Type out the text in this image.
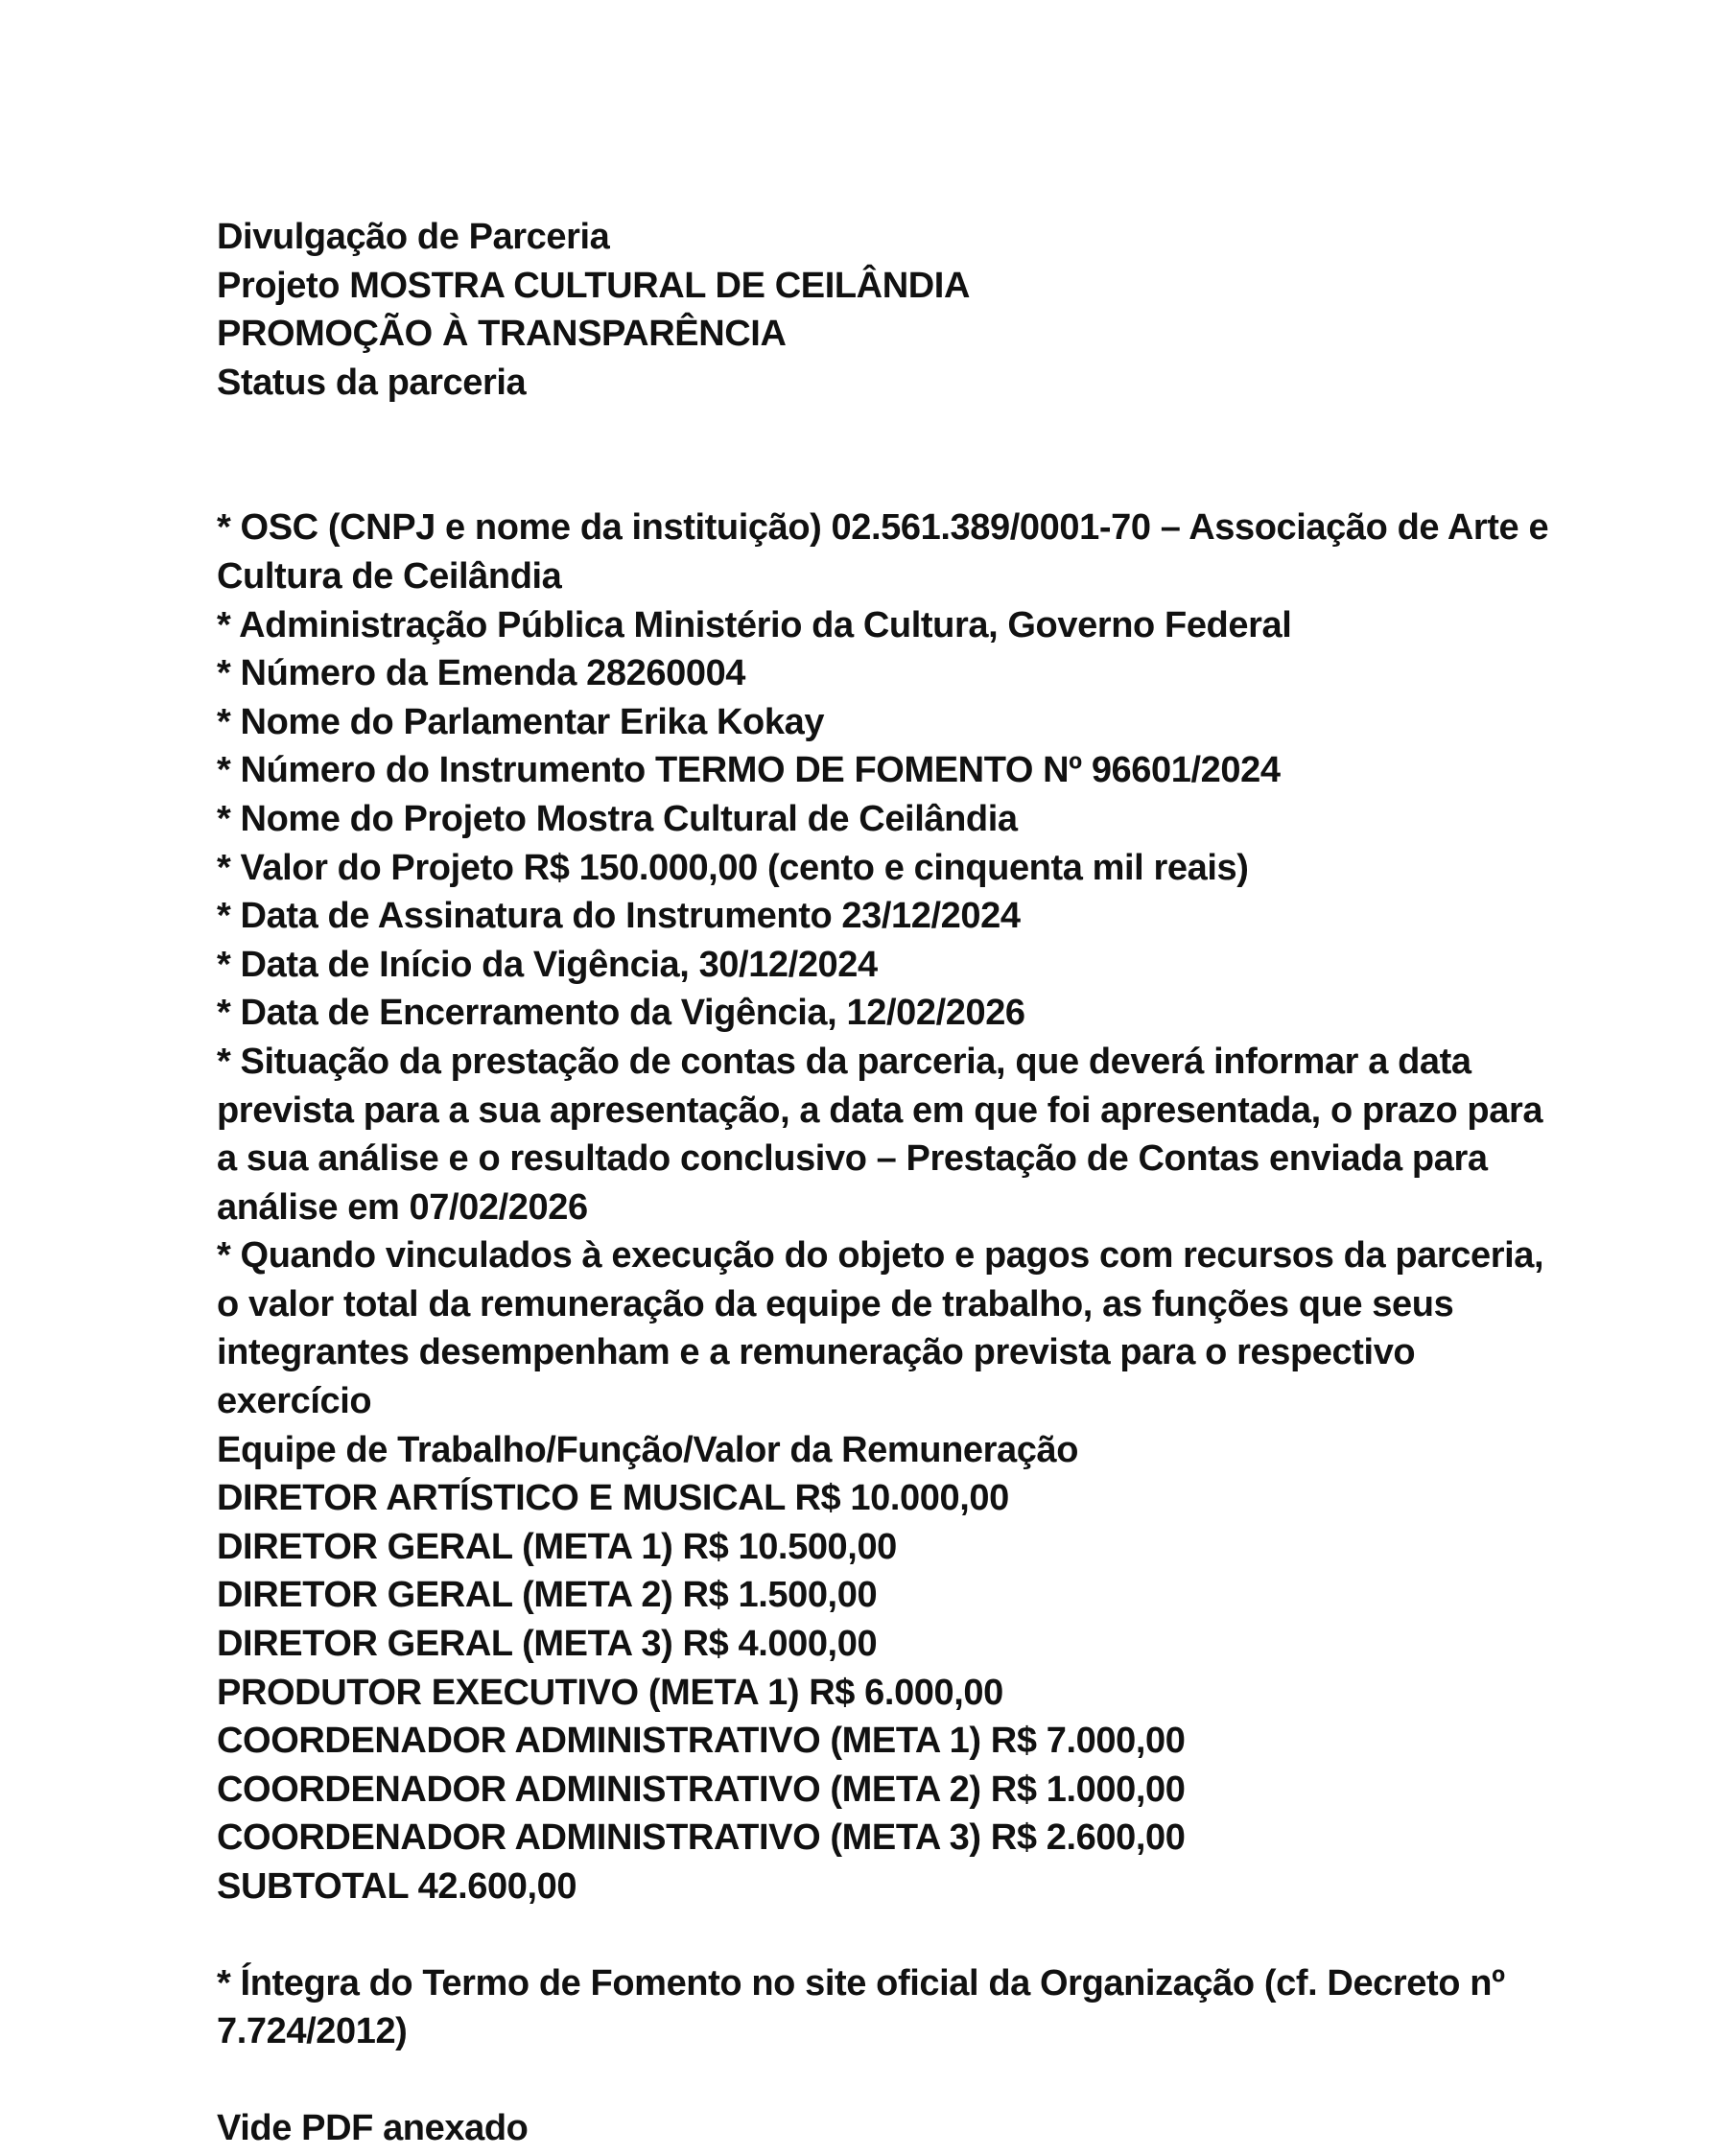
Divulgação de Parceria
Projeto MOSTRA CULTURAL DE CEILÂNDIA
PROMOÇÃO À TRANSPARÊNCIA
Status da parceria
* OSC (CNPJ e nome da instituição) 02.561.389/0001-70 – Associação de Arte e
Cultura de Ceilândia
* Administração Pública Ministério da Cultura, Governo Federal
* Número da Emenda 28260004
* Nome do Parlamentar Erika Kokay
* Número do Instrumento TERMO DE FOMENTO Nº 96601/2024
* Nome do Projeto Mostra Cultural de Ceilândia
* Valor do Projeto R$ 150.000,00 (cento e cinquenta mil reais)
* Data de Assinatura do Instrumento 23/12/2024
* Data de Início da Vigência, 30/12/2024
* Data de Encerramento da Vigência, 12/02/2026
* Situação da prestação de contas da parceria, que deverá informar a data
prevista para a sua apresentação, a data em que foi apresentada, o prazo para
a sua análise e o resultado conclusivo – Prestação de Contas enviada para
análise em 07/02/2026
* Quando vinculados à execução do objeto e pagos com recursos da parceria,
o valor total da remuneração da equipe de trabalho, as funções que seus
integrantes desempenham e a remuneração prevista para o respectivo
exercício
Equipe de Trabalho/Função/Valor da Remuneração
DIRETOR ARTÍSTICO E MUSICAL R$ 10.000,00
DIRETOR GERAL (META 1) R$ 10.500,00
DIRETOR GERAL (META 2) R$ 1.500,00
DIRETOR GERAL (META 3) R$ 4.000,00
PRODUTOR EXECUTIVO (META 1) R$ 6.000,00
COORDENADOR ADMINISTRATIVO (META 1) R$ 7.000,00
COORDENADOR ADMINISTRATIVO (META 2) R$ 1.000,00
COORDENADOR ADMINISTRATIVO (META 3) R$ 2.600,00
SUBTOTAL 42.600,00
* Íntegra do Termo de Fomento no site oficial da Organização (cf. Decreto nº
7.724/2012)
Vide PDF anexado
